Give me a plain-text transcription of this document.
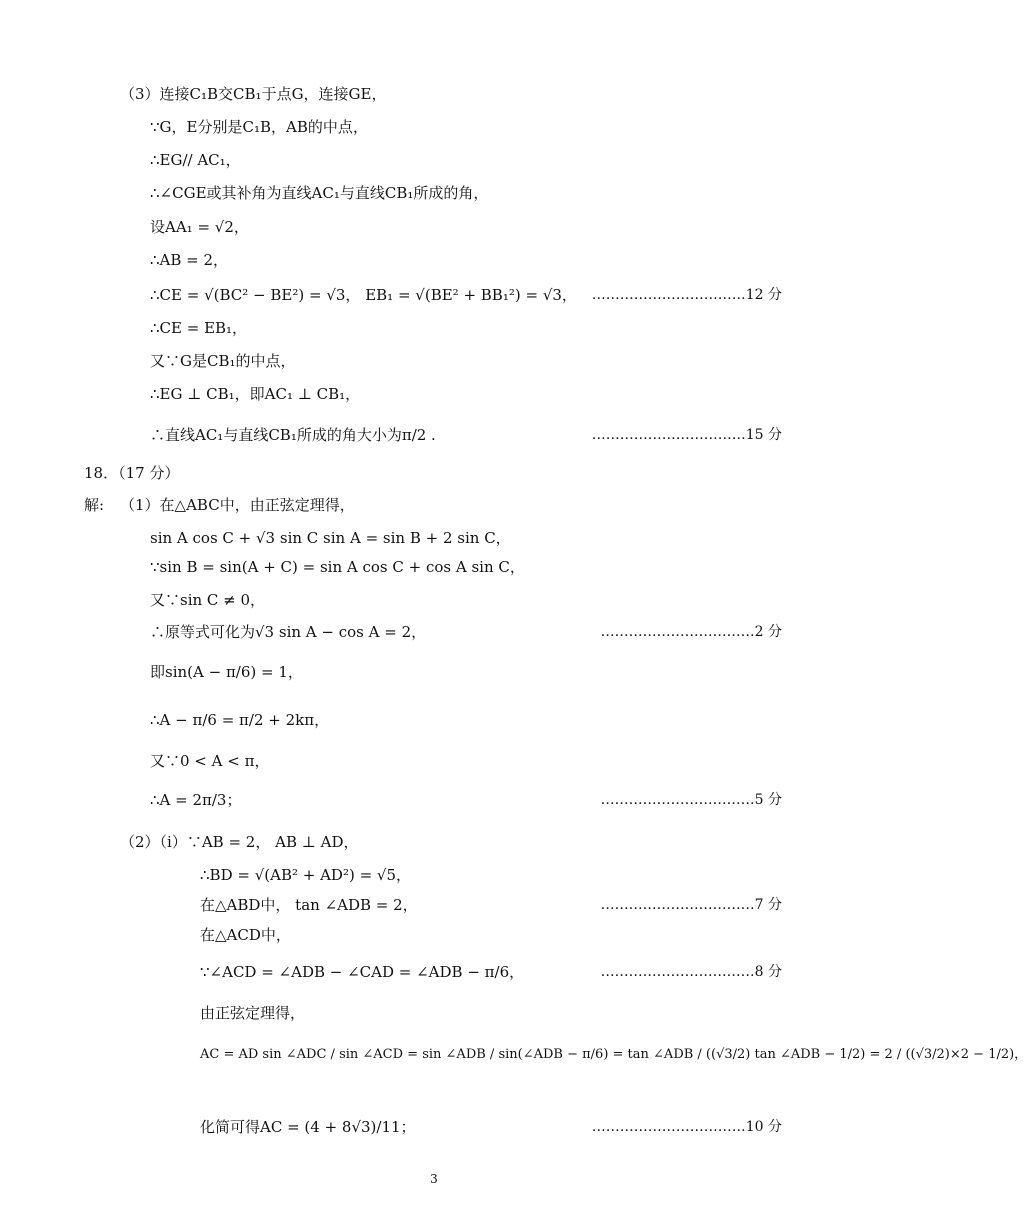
（3）连接C₁B交CB₁于点G，连接GE，
∵G，E分别是C₁B，AB的中点，
∴EG// AC₁，
∴∠CGE或其补角为直线AC₁与直线CB₁所成的角，
设AA₁ = √2，
∴AB = 2，
∴CE = √(BC² − BE²) = √3， EB₁ = √(BE² + BB₁²) = √3， ……………………………12 分
∴CE = EB₁，
又∵G是CB₁的中点，
∴EG ⊥ CB₁，即AC₁ ⊥ CB₁，
∴直线AC₁与直线CB₁所成的角大小为π/2 .	……………………………15 分
18．（17 分）
解: （1）在△ABC中，由正弦定理得，
sin A cos C + √3 sin C sin A = sin B + 2 sin C，
∵sin B = sin(A + C) = sin A cos C + cos A sin C，
又∵sin C ≠ 0，
∴原等式可化为√3 sin A − cos A = 2，	……………………………2 分
即sin(A − π/6) = 1，
∴A − π/6 = π/2 + 2kπ，
又∵0 < A < π，
∴A = 2π/3；	……………………………5 分
（2）（ⅰ）∵AB = 2， AB ⊥ AD，
∴BD = √(AB² + AD²) = √5，
在△ABD中， tan ∠ADB = 2，	……………………………7 分
在△ACD中，
∵∠ACD = ∠ADB − ∠CAD = ∠ADB − π/6，	……………………………8 分
由正弦定理得，
AC = AD sin ∠ADC / sin ∠ACD = sin ∠ADB / sin(∠ADB − π/6) = tan ∠ADB / ((√3/2) tan ∠ADB − 1/2) = 2 / ((√3/2)×2 − 1/2)，
化简可得AC = (4 + 8√3)/11；	……………………………10 分
3
